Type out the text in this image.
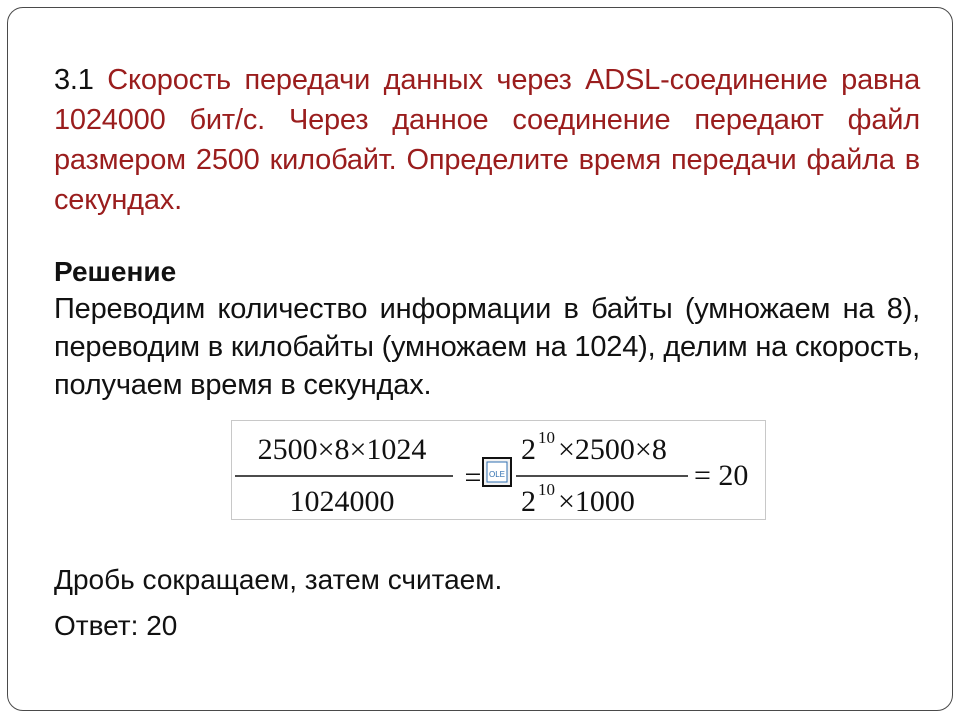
3.1 Скорость передачи данных через ADSL-соединение равна 1024000 бит/с. Через данное соединение передают файл размером 2500 килобайт. Определите время передачи файла в секундах.
Решение
Переводим количество информации в байты (умножаем на 8), переводим в килобайты (умножаем на 1024), делим на скорость, получаем время в секундах.
2500×8×1024
1024000
= OLE
2 10 ×2500×8
2 10 ×1000
= 20
Дробь сокращаем, затем считаем.
Ответ: 20
